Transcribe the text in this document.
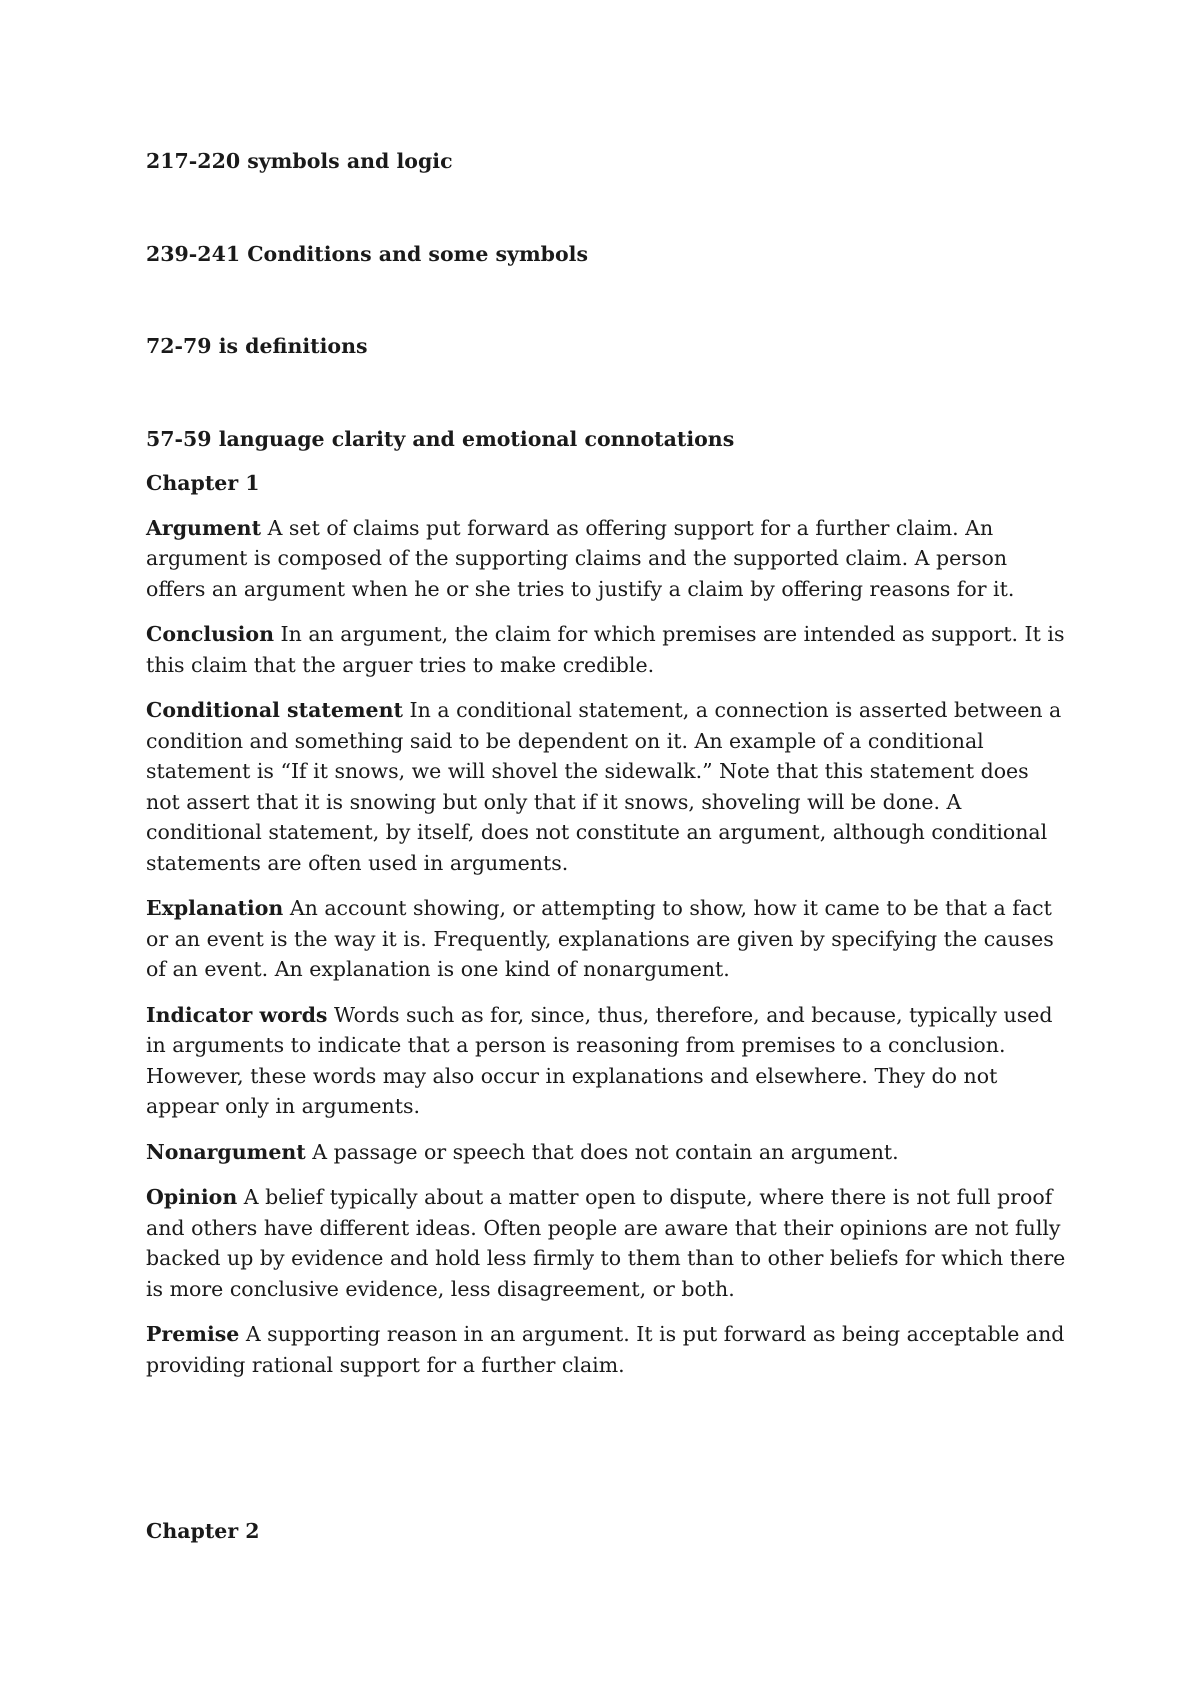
217-220 symbols and logic

239-241 Conditions and some symbols

72-79 is definitions

57-59 language clarity and emotional connotations

Chapter 1

Argument A set of claims put forward as offering support for a further claim. An argument is composed of the supporting claims and the supported claim. A person offers an argument when he or she tries to justify a claim by offering reasons for it.

Conclusion In an argument, the claim for which premises are intended as support. It is this claim that the arguer tries to make credible.

Conditional statement In a conditional statement, a connection is asserted between a condition and something said to be dependent on it. An example of a conditional statement is “If it snows, we will shovel the sidewalk.” Note that this statement does not assert that it is snowing but only that if it snows, shoveling will be done. A conditional statement, by itself, does not constitute an argument, although conditional statements are often used in arguments.

Explanation An account showing, or attempting to show, how it came to be that a fact or an event is the way it is. Frequently, explanations are given by specifying the causes of an event. An explanation is one kind of nonargument.

Indicator words Words such as for, since, thus, therefore, and because, typically used in arguments to indicate that a person is reasoning from premises to a conclusion. However, these words may also occur in explanations and elsewhere. They do not appear only in arguments.

Nonargument A passage or speech that does not contain an argument.

Opinion A belief typically about a matter open to dispute, where there is not full proof and others have different ideas. Often people are aware that their opinions are not fully backed up by evidence and hold less firmly to them than to other beliefs for which there is more conclusive evidence, less disagreement, or both.

Premise A supporting reason in an argument. It is put forward as being acceptable and providing rational support for a further claim.

Chapter 2
